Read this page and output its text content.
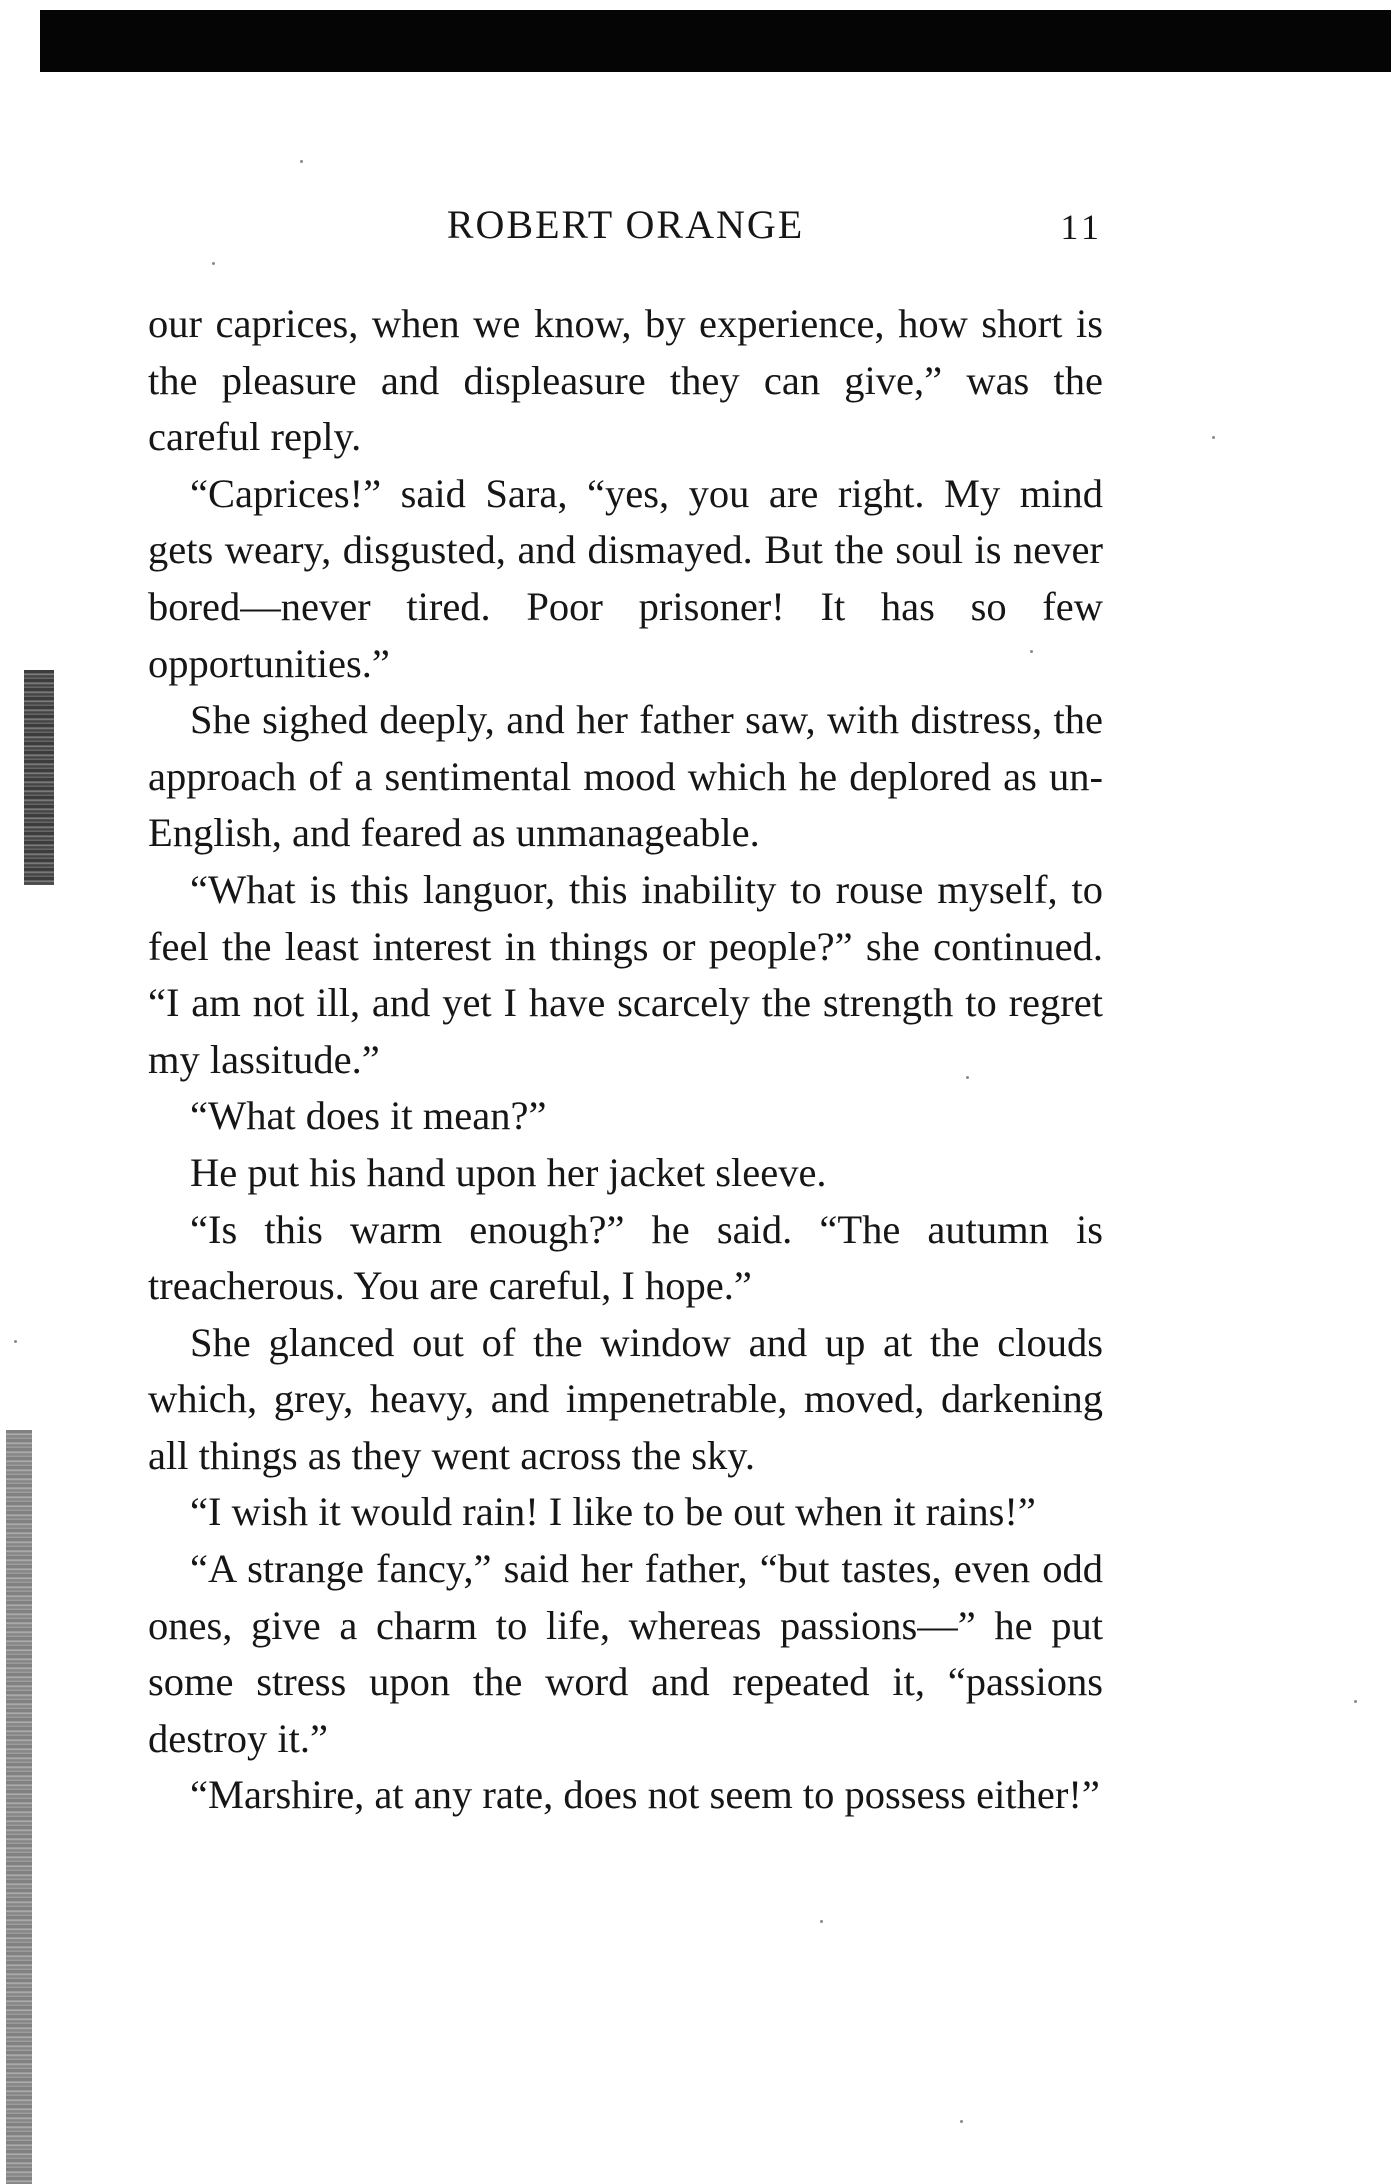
ROBERT ORANGE	11

our caprices, when we know, by experience, how short is the pleasure and displeasure they can give,” was the careful reply.

“Caprices!” said Sara, “yes, you are right. My mind gets weary, disgusted, and dismayed. But the soul is never bored—never tired. Poor prisoner! It has so few opportunities.”

She sighed deeply, and her father saw, with distress, the approach of a sentimental mood which he deplored as un-English, and feared as unmanageable.

“What is this languor, this inability to rouse myself, to feel the least interest in things or people?” she continued. “I am not ill, and yet I have scarcely the strength to regret my lassitude.”

“What does it mean?”

He put his hand upon her jacket sleeve.

“Is this warm enough?” he said. “The autumn is treacherous. You are careful, I hope.”

She glanced out of the window and up at the clouds which, grey, heavy, and impenetrable, moved, darkening all things as they went across the sky.

“I wish it would rain! I like to be out when it rains!”

“A strange fancy,” said her father, “but tastes, even odd ones, give a charm to life, whereas passions—” he put some stress upon the word and repeated it, “passions destroy it.”

“Marshire, at any rate, does not seem to possess either!”
